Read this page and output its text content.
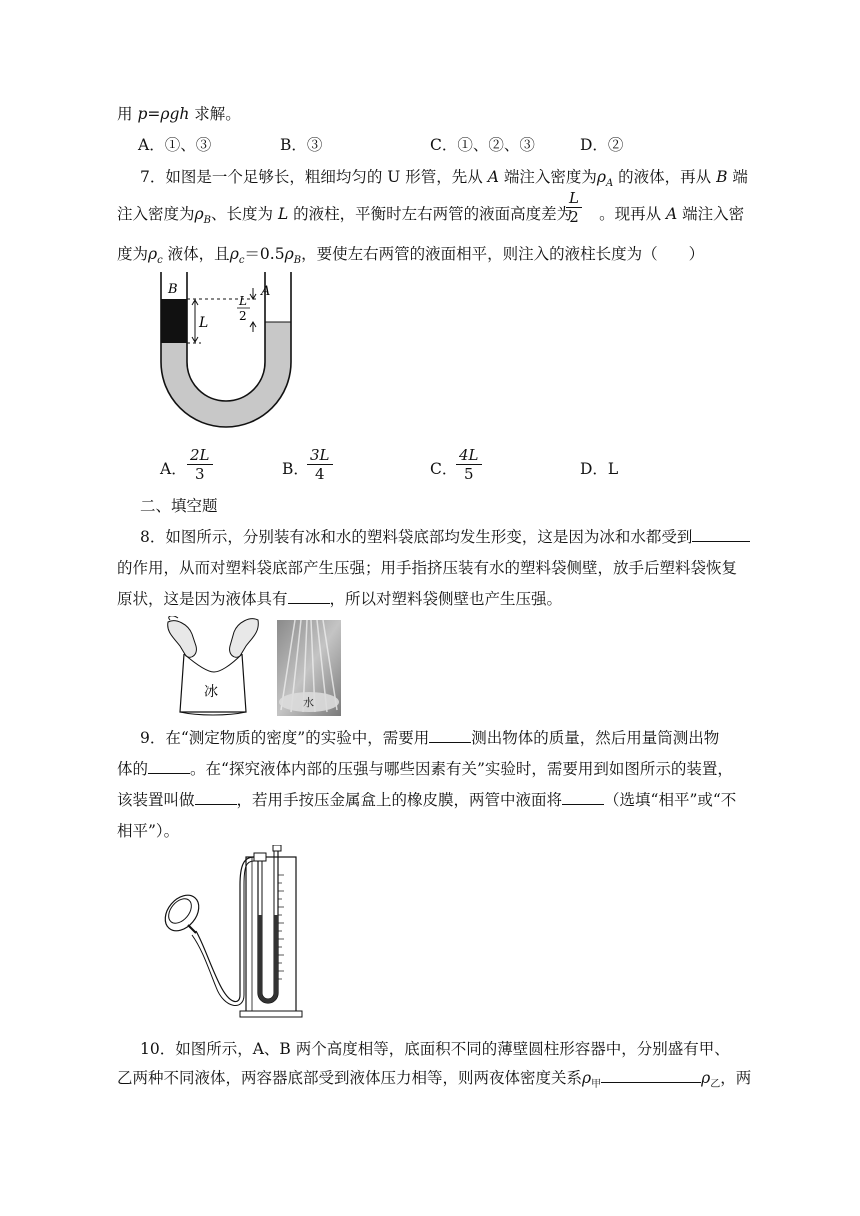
用 p=ρgh 求解。
A．①、③	B．③	C．①、②、③	D．②
7．如图是一个足够长，粗细均匀的 U 形管，先从 A 端注入密度为$\rho_A$ 的液体，再从 B 端
注入密度为$\rho_B$、长度为 L 的液柱，平衡时左右两管的液面高度差为 。现再从 A 端注入密
$\frac{L}{2}$
度为$\rho_c$ 液体，且$\rho_c=0.5\rho_B$，要使左右两管的液面相平，则注入的液柱长度为（　　）
B	A
L
L
2
A． $\frac{2L}{3}$	B．
$\frac{3L}{4}$	C．
$\frac{4L}{5}$	D．L
二、填空题
8．如图所示，分别装有冰和水的塑料袋底部均发生形变，这是因为冰和水都受到
的作用，从而对塑料袋底部产生压强；用手指挤压装有水的塑料袋侧壁，放手后塑料袋恢复
原状，这是因为液体具有	，所以对塑料袋侧壁也产生压强。
冰
水
9．在“测定物质的密度”的实验中，需要用	测出物体的质量，然后用量筒测出物
体的	。在“探究液体内部的压强与哪些因素有关”实验时，需要用到如图所示的装置，
该装置叫做	，若用手按压金属盒上的橡皮膜，两管中液面将	（选填“相平”或“不
相平”）。
10．如图所示，A、B 两个高度相等，底面积不同的薄壁圆柱形容器中，分别盛有甲、
乙两种不同液体，两容器底部受到液体压力相等，则两夜体密度关系$\rho_甲$	$\rho_乙$，两
